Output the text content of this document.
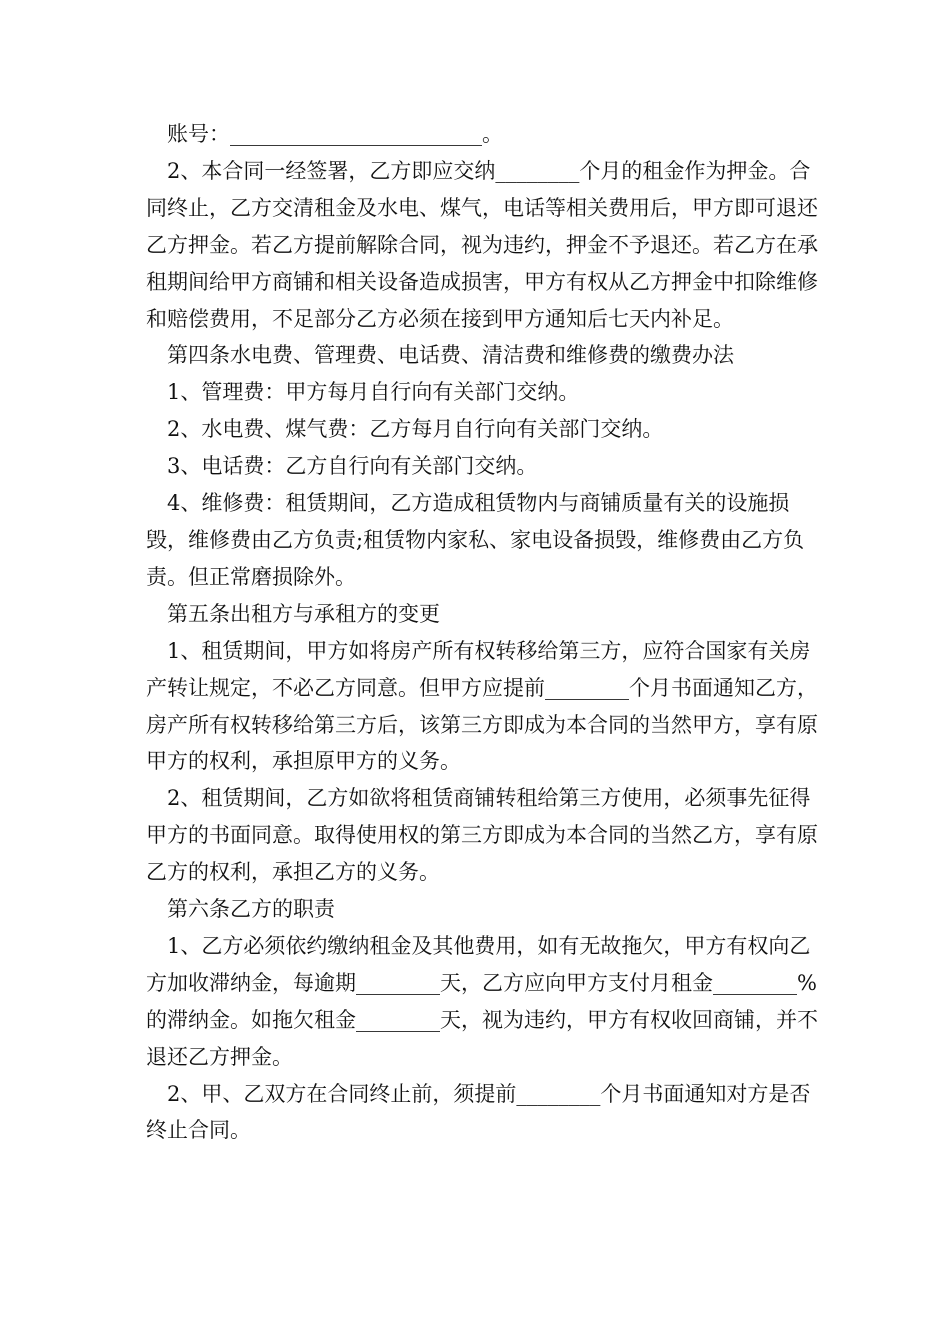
账号：________________________。

2、本合同一经签署，乙方即应交纳________个月的租金作为押金。合同终止，乙方交清租金及水电、煤气，电话等相关费用后，甲方即可退还乙方押金。若乙方提前解除合同，视为违约，押金不予退还。若乙方在承租期间给甲方商铺和相关设备造成损害，甲方有权从乙方押金中扣除维修和赔偿费用，不足部分乙方必须在接到甲方通知后七天内补足。

第四条水电费、管理费、电话费、清洁费和维修费的缴费办法

1、管理费：甲方每月自行向有关部门交纳。

2、水电费、煤气费：乙方每月自行向有关部门交纳。

3、电话费：乙方自行向有关部门交纳。

4、维修费：租赁期间，乙方造成租赁物内与商铺质量有关的设施损毁，维修费由乙方负责;租赁物内家私、家电设备损毁，维修费由乙方负责。但正常磨损除外。

第五条出租方与承租方的变更

1、租赁期间，甲方如将房产所有权转移给第三方，应符合国家有关房产转让规定，不必乙方同意。但甲方应提前________个月书面通知乙方，房产所有权转移给第三方后，该第三方即成为本合同的当然甲方，享有原甲方的权利，承担原甲方的义务。

2、租赁期间，乙方如欲将租赁商铺转租给第三方使用，必须事先征得甲方的书面同意。取得使用权的第三方即成为本合同的当然乙方，享有原乙方的权利，承担乙方的义务。

第六条乙方的职责

1、乙方必须依约缴纳租金及其他费用，如有无故拖欠，甲方有权向乙方加收滞纳金，每逾期________天，乙方应向甲方支付月租金________%的滞纳金。如拖欠租金________天，视为违约，甲方有权收回商铺，并不退还乙方押金。

2、甲、乙双方在合同终止前，须提前________个月书面通知对方是否终止合同。
